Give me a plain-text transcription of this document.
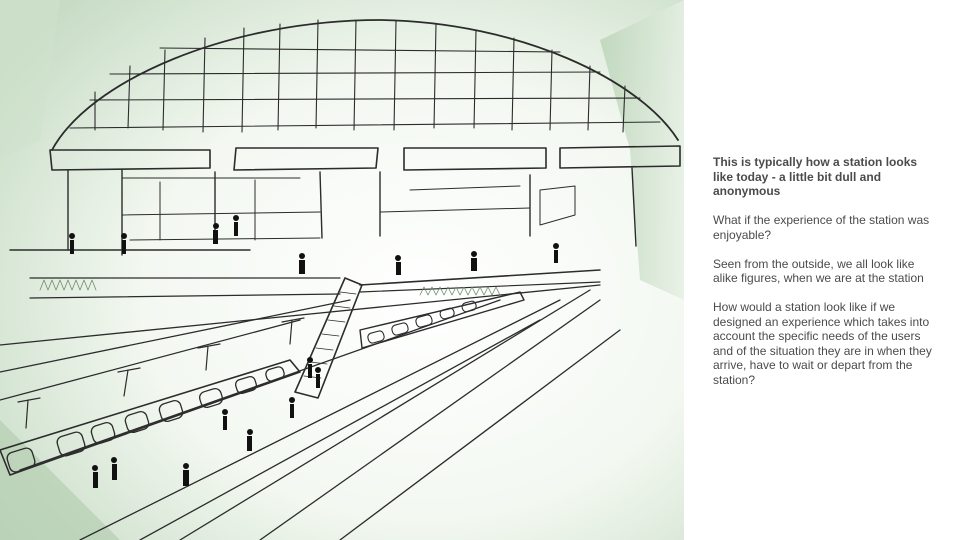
This is typically how a station looks like today - a little bit dull and anonymous

What if the experience of the station was enjoyable?

Seen from the outside, we all look like alike figures, when we are at the station

How would a station look like if we designed an experience which takes into account the specific needs of the users and of the situation they are in when they arrive, have to wait or depart from the station?
